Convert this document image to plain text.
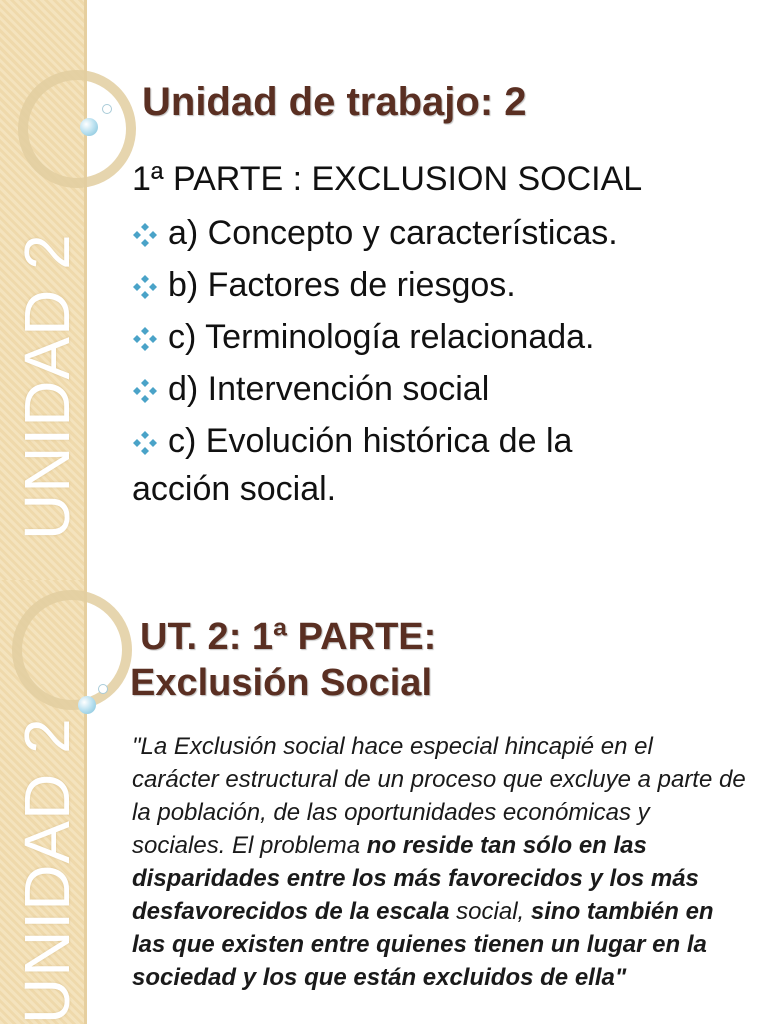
UNIDAD 2
Unidad de trabajo: 2
1ª PARTE : EXCLUSION SOCIAL
a) Concepto y características.
b) Factores de riesgos.
c) Terminología relacionada.
d) Intervención social
c) Evolución histórica de la
acción social.
UNIDAD 2
UT. 2: 1ª PARTE:
Exclusión Social

"La Exclusión social hace especial hincapié en el carácter estructural de un proceso que excluye a parte de la población, de las oportunidades económicas y sociales. El problema no reside tan sólo en las disparidades entre los más favorecidos y los más desfavorecidos de la escala social, sino también en las que existen entre quienes tienen un lugar en la sociedad y los que están excluidos de ella"
